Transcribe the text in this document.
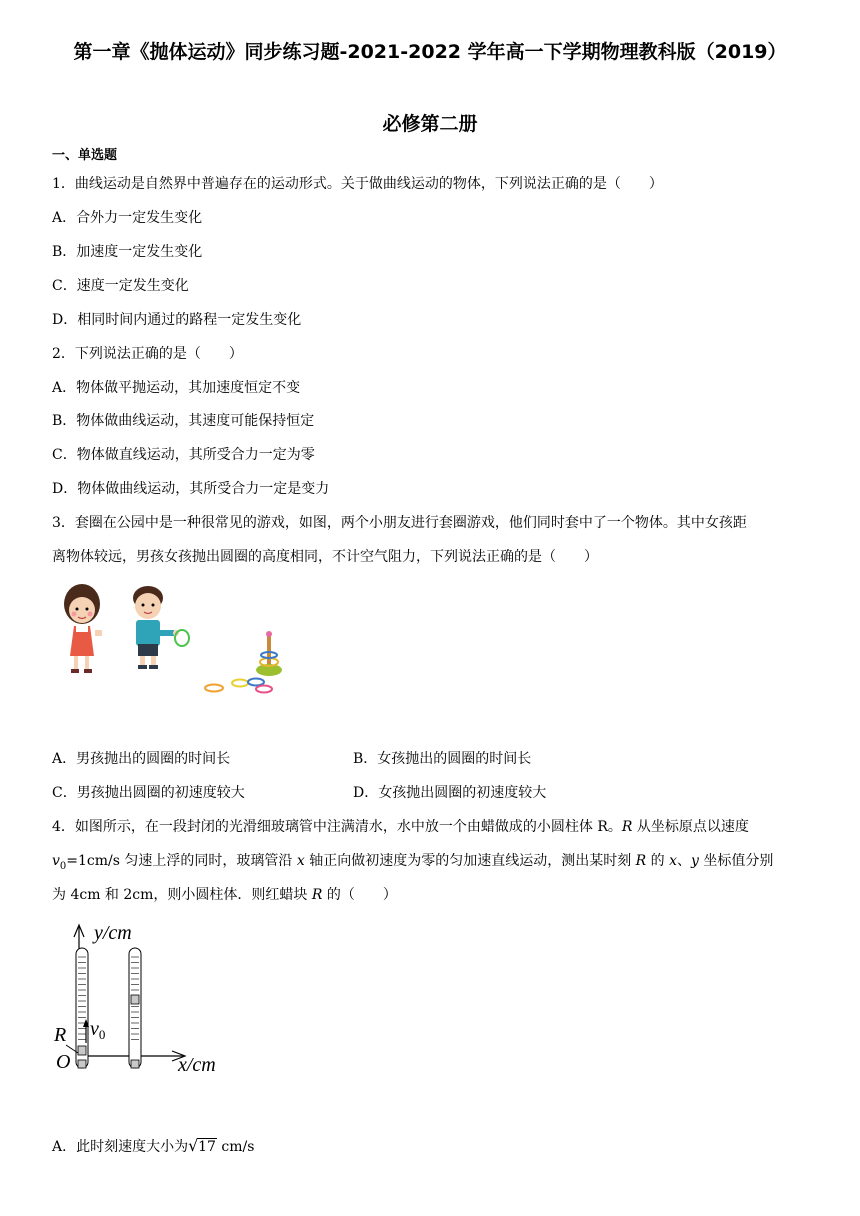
第一章《抛体运动》同步练习题-2021-2022 学年高一下学期物理教科版（2019）
必修第二册
一、单选题
1．曲线运动是自然界中普遍存在的运动形式。关于做曲线运动的物体，下列说法正确的是（　　）
A．合外力一定发生变化
B．加速度一定发生变化
C．速度一定发生变化
D．相同时间内通过的路程一定发生变化
2．下列说法正确的是（　　）
A．物体做平抛运动，其加速度恒定不变
B．物体做曲线运动，其速度可能保持恒定
C．物体做直线运动，其所受合力一定为零
D．物体做曲线运动，其所受合力一定是变力
3．套圈在公园中是一种很常见的游戏，如图，两个小朋友进行套圈游戏，他们同时套中了一个物体。其中女孩距
离物体较远，男孩女孩抛出圆圈的高度相同，不计空气阻力，下列说法正确的是（　　）
A．男孩抛出的圆圈的时间长	B．女孩抛出的圆圈的时间长
C．男孩抛出圆圈的初速度较大	D．女孩抛出圆圈的初速度较大
4．如图所示，在一段封闭的光滑细玻璃管中注满清水，水中放一个由蜡做成的小圆柱体 R。R 从坐标原点以速度
$v_0=1cm/s$ 匀速上浮的同时，玻璃管沿 x 轴正向做初速度为零的匀加速直线运动，测出某时刻 R 的 x、y 坐标值分别
为 4cm 和 2cm，则小圆柱体．则红蜡块 R 的（　　）
R $v_0$
O
y/cm
x/cm
A．此时刻速度大小为 √ 17 cm/s
